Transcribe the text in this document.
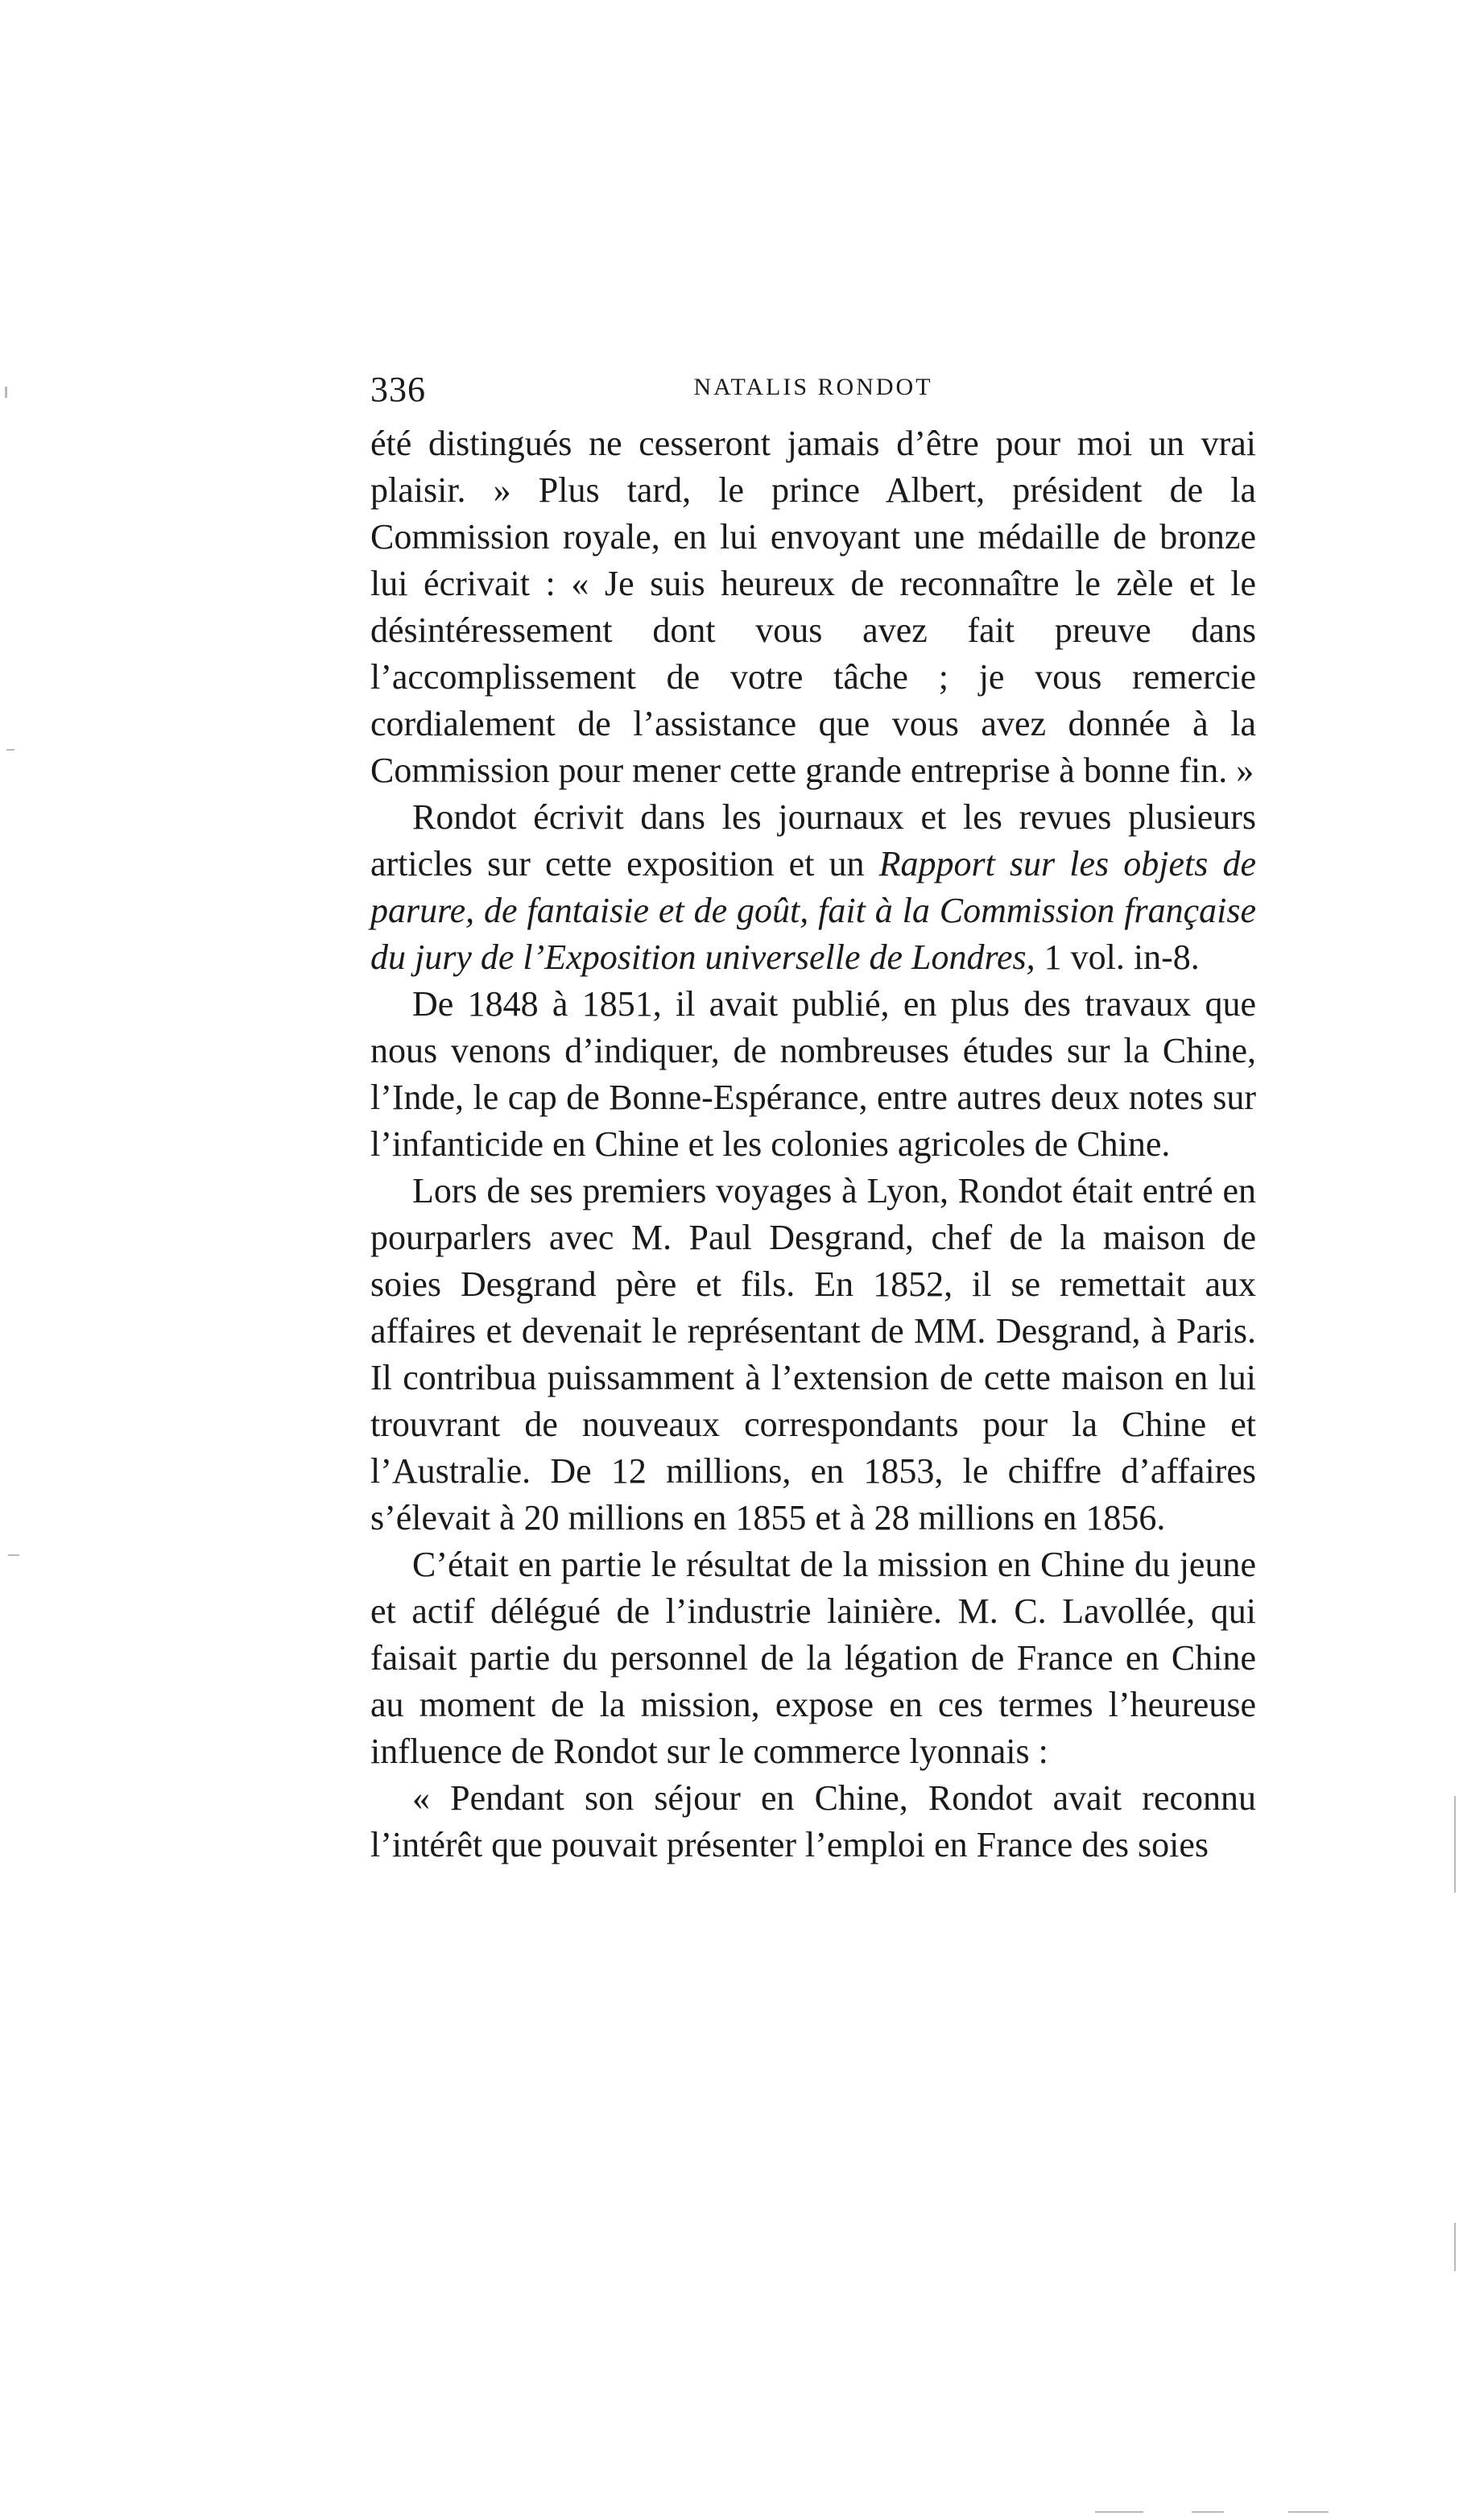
336	NATALIS RONDOT

été distingués ne cesseront jamais d’être pour moi un vrai plaisir. » Plus tard, le prince Albert, président de la Commission royale, en lui envoyant une médaille de bronze lui écrivait : « Je suis heureux de reconnaître le zèle et le désintéressement dont vous avez fait preuve dans l’accomplissement de votre tâche ; je vous remercie cordialement de l’assistance que vous avez donnée à la Commission pour mener cette grande entreprise à bonne fin. »

Rondot écrivit dans les journaux et les revues plusieurs articles sur cette exposition et un Rapport sur les objets de parure, de fantaisie et de goût, fait à la Commission française du jury de l’Exposition universelle de Londres, 1 vol. in-8.

De 1848 à 1851, il avait publié, en plus des travaux que nous venons d’indiquer, de nombreuses études sur la Chine, l’Inde, le cap de Bonne-Espérance, entre autres deux notes sur l’infanticide en Chine et les colonies agricoles de Chine.

Lors de ses premiers voyages à Lyon, Rondot était entré en pourparlers avec M. Paul Desgrand, chef de la maison de soies Desgrand père et fils. En 1852, il se remettait aux affaires et devenait le représentant de MM. Desgrand, à Paris. Il contribua puissamment à l’extension de cette maison en lui trouvrant de nouveaux correspondants pour la Chine et l’Australie. De 12 millions, en 1853, le chiffre d’affaires s’élevait à 20 millions en 1855 et à 28 millions en 1856.

C’était en partie le résultat de la mission en Chine du jeune et actif délégué de l’industrie lainière. M. C. Lavollée, qui faisait partie du personnel de la légation de France en Chine au moment de la mission, expose en ces termes l’heureuse influence de Rondot sur le commerce lyonnais :

« Pendant son séjour en Chine, Rondot avait reconnu l’intérêt que pouvait présenter l’emploi en France des soies
